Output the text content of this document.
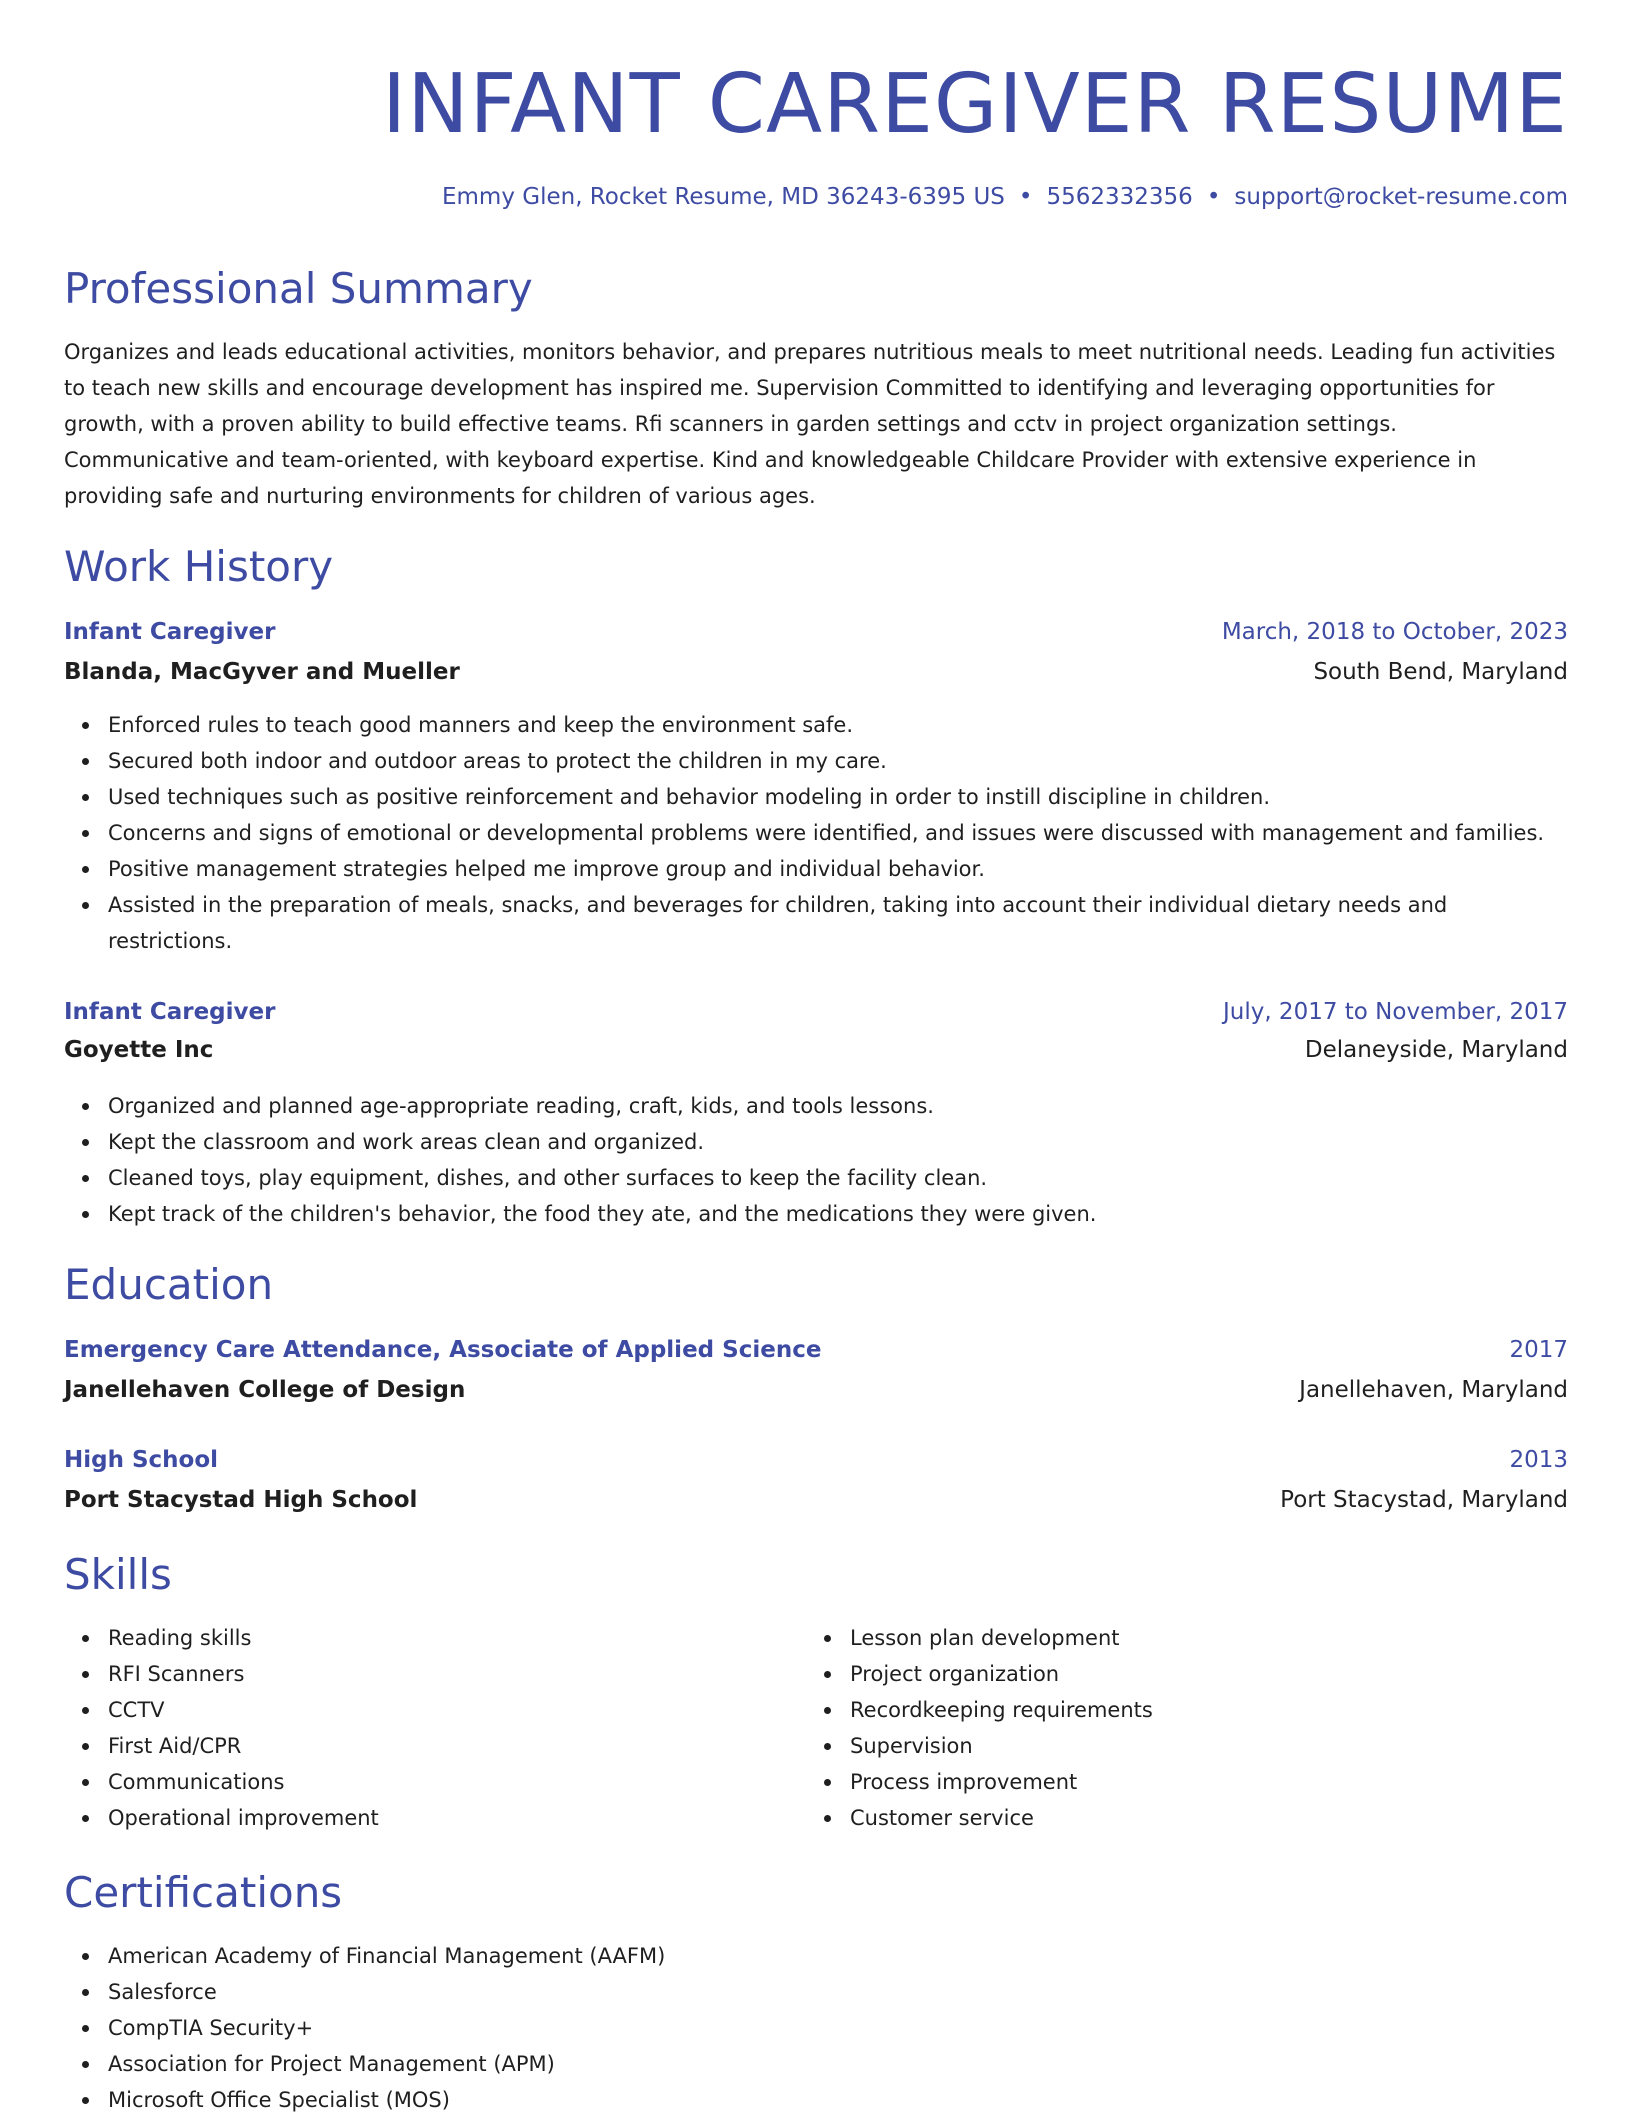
INFANT CAREGIVER RESUME
Emmy Glen, Rocket Resume, MD 36243-6395 US • 5562332356 • support@rocket-resume.com
Professional Summary

Organizes and leads educational activities, monitors behavior, and prepares nutritious meals to meet nutritional needs. Leading fun activities to teach new skills and encourage development has inspired me. Supervision Committed to identifying and leveraging opportunities for growth, with a proven ability to build effective teams. Rfi scanners in garden settings and cctv in project organization settings. Communicative and team-oriented, with keyboard expertise. Kind and knowledgeable Childcare Provider with extensive experience in providing safe and nurturing environments for children of various ages.

Work History
Infant Caregiver	March, 2018 to October, 2023
Blanda, MacGyver and Mueller	South Bend, Maryland
Enforced rules to teach good manners and keep the environment safe.
Secured both indoor and outdoor areas to protect the children in my care.
Used techniques such as positive reinforcement and behavior modeling in order to instill discipline in children.
Concerns and signs of emotional or developmental problems were identified, and issues were discussed with management and families.
Positive management strategies helped me improve group and individual behavior.
Assisted in the preparation of meals, snacks, and beverages for children, taking into account their individual dietary needs and restrictions.
Infant Caregiver	July, 2017 to November, 2017
Goyette Inc	Delaneyside, Maryland
Organized and planned age-appropriate reading, craft, kids, and tools lessons.
Kept the classroom and work areas clean and organized.
Cleaned toys, play equipment, dishes, and other surfaces to keep the facility clean.
Kept track of the children's behavior, the food they ate, and the medications they were given.
Education
Emergency Care Attendance, Associate of Applied Science	2017
Janellehaven College of Design	Janellehaven, Maryland
High School	2013
Port Stacystad High School	Port Stacystad, Maryland
Skills
Reading skills
RFI Scanners
CCTV
First Aid/CPR
Communications
Operational improvement
Lesson plan development
Project organization
Recordkeeping requirements
Supervision
Process improvement
Customer service
Certifications
American Academy of Financial Management (AAFM)
Salesforce
CompTIA Security+
Association for Project Management (APM)
Microsoft Office Specialist (MOS)
